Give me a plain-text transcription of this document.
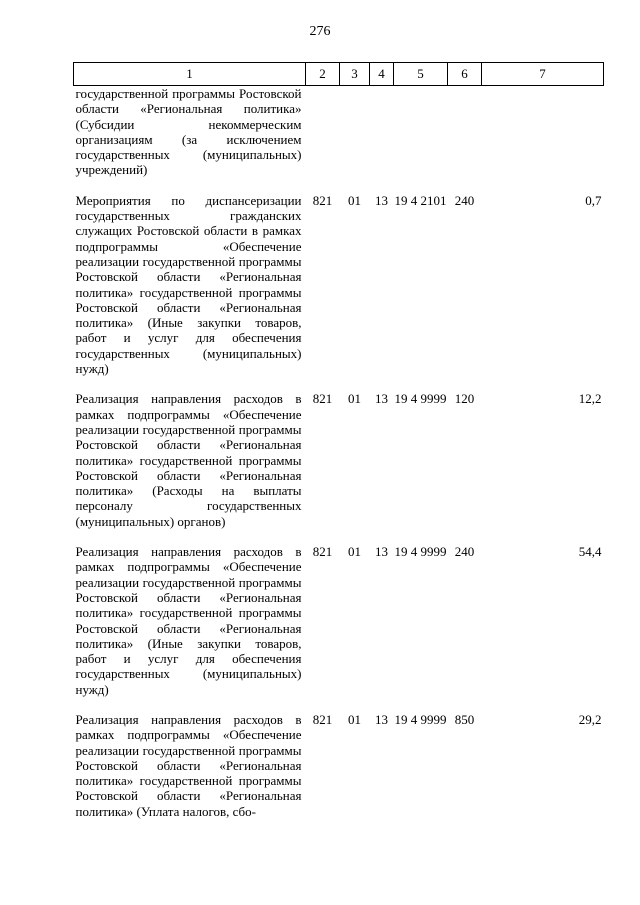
276
1	2	3	4	5	6	7
государственной программы Ростовской области «Региональная политика» (Субсидии некоммерческим организациям (за исключением государственных (муниципальных) учреждений)						
Мероприятия по диспансеризации государственных гражданских служащих Ростовской области в рамках подпрограммы «Обеспечение реализации государственной программы Ростовской области «Региональная политика» государственной программы Ростовской области «Региональная политика» (Иные закупки товаров, работ и услуг для обеспечения государственных (муниципальных) нужд)	821	01	13	19 4 2101	240	0,7
Реализация направления расходов в рамках подпрограммы «Обеспечение реализации государственной программы Ростовской области «Региональная политика» государственной программы Ростовской области «Региональная политика» (Расходы на выплаты персоналу государственных (муниципальных) органов)	821	01	13	19 4 9999	120	12,2
Реализация направления расходов в рамках подпрограммы «Обеспечение реализации государственной программы Ростовской области «Региональная политика» государственной программы Ростовской области «Региональная политика» (Иные закупки товаров, работ и услуг для обеспечения государственных (муниципальных) нужд)	821	01	13	19 4 9999	240	54,4
Реализация направления расходов в рамках подпрограммы «Обеспечение реализации государственной программы Ростовской области «Региональная политика» государственной программы Ростовской области «Региональная политика» (Уплата налогов, сбо-	821	01	13	19 4 9999	850	29,2
